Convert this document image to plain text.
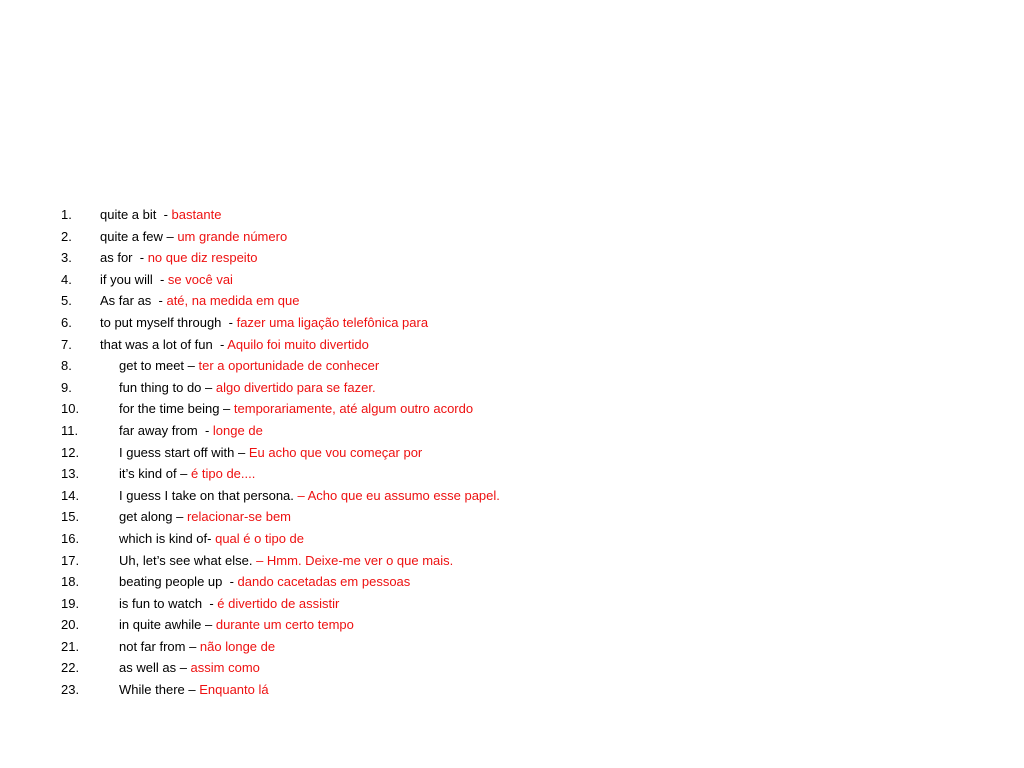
1. quite a bit  - bastante
2. quite a few – um grande número
3. as for  - no que diz respeito
4. if you will  - se você vai
5. As far as  - até, na medida em que
6. to put myself through  - fazer uma ligação telefônica para
7. that was a lot of fun  - Aquilo foi muito divertido
8.	get to meet – ter a oportunidade de conhecer
9.	fun thing to do – algo divertido para se fazer.
10.	for the time being – temporariamente, até algum outro acordo
11.	far away from  - longe de
12.	I guess start off with – Eu acho que vou começar por
13.	it’s kind of – é tipo de....
14.	I guess I take on that persona. – Acho que eu assumo esse papel.
15.	get along – relacionar-se bem
16.	which is kind of- qual é o tipo de
17.	Uh, let’s see what else. – Hmm. Deixe-me ver o que mais.
18.	beating people up  - dando cacetadas em pessoas
19.	is fun to watch  - é divertido de assistir
20.	in quite awhile – durante um certo tempo
21.	not far from – não longe de
22.	as well as – assim como
23.	While there – Enquanto lá
